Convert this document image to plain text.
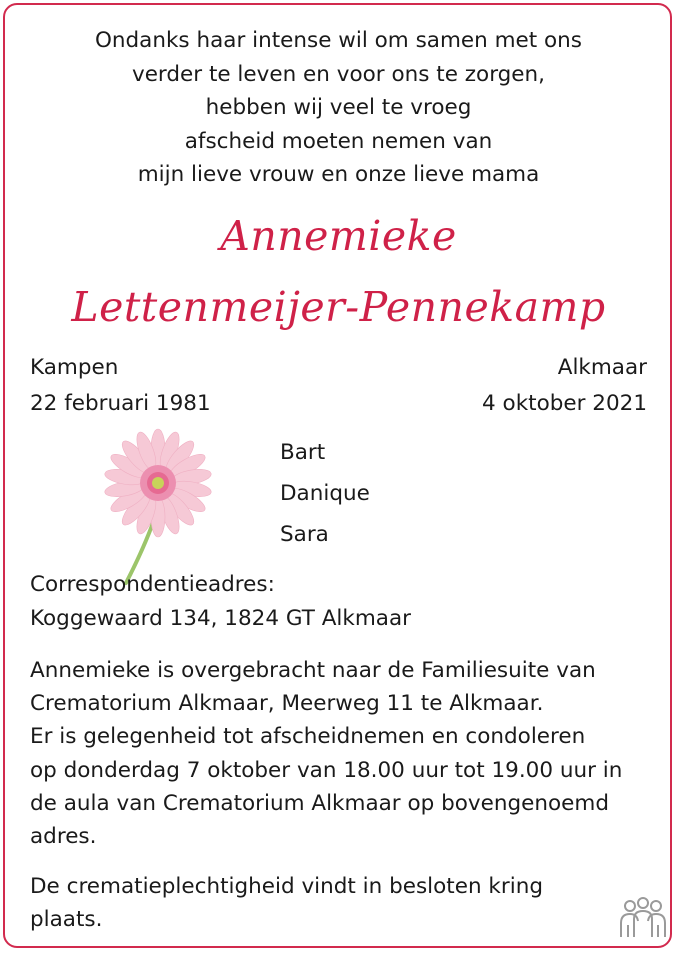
Ondanks haar intense wil om samen met ons
verder te leven en voor ons te zorgen,
hebben wij veel te vroeg
afscheid moeten nemen van
mijn lieve vrouw en onze lieve mama
Annemieke
Lettenmeijer-Pennekamp
Kampen
22 februari 1981
Alkmaar
4 oktober 2021
Bart
Danique
Sara
Correspondentieadres:
Koggewaard 134, 1824 GT Alkmaar
Annemieke is overgebracht naar de Familiesuite van
Crematorium Alkmaar, Meerweg 11 te Alkmaar.
Er is gelegenheid tot afscheidnemen en condoleren
op donderdag 7 oktober van 18.00 uur tot 19.00 uur in
de aula van Crematorium Alkmaar op bovengenoemd
adres.
De crematieplechtigheid vindt in besloten kring
plaats.
